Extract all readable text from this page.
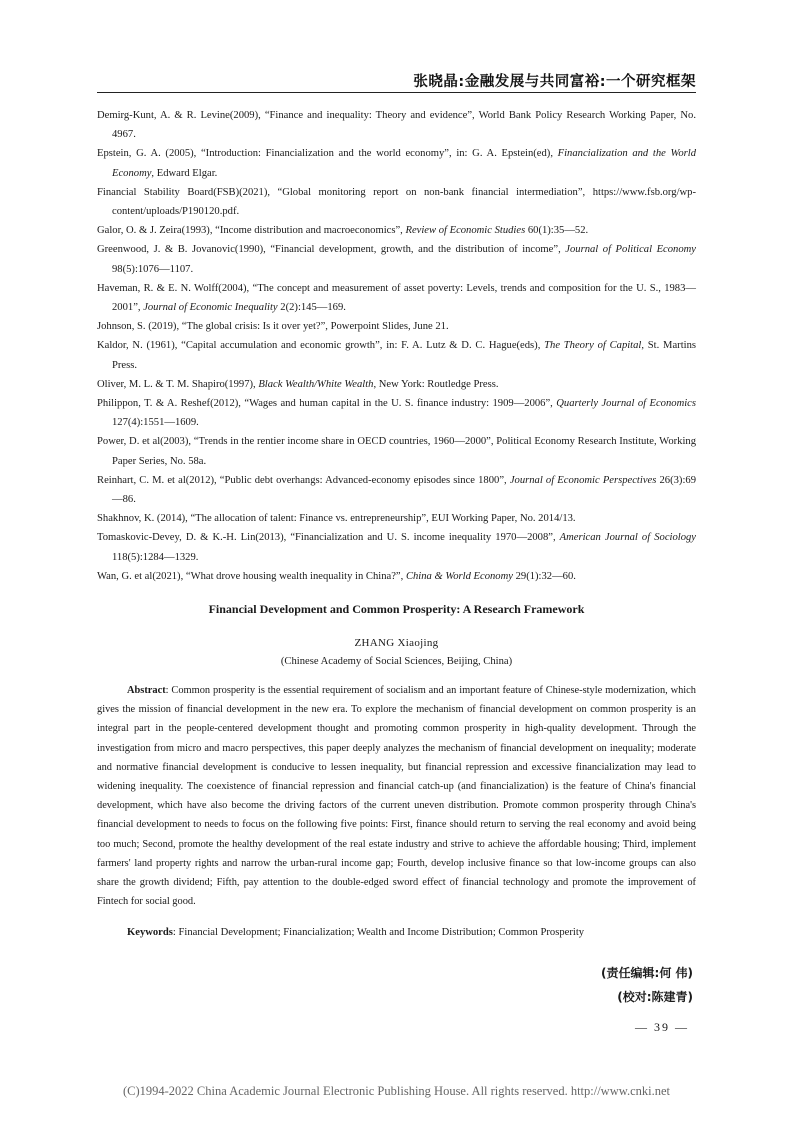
张晓晶:金融发展与共同富裕:一个研究框架

Demirg-Kunt, A. & R. Levine(2009), “Finance and inequality: Theory and evidence”, World Bank Policy Research Working Paper, No. 4967.

Epstein, G. A. (2005), “Introduction: Financialization and the world economy”, in: G. A. Epstein(ed), Financialization and the World Economy, Edward Elgar.

Financial Stability Board(FSB)(2021), “Global monitoring report on non-bank financial intermediation”, https://www.fsb.org/wp-content/uploads/P190120.pdf.

Galor, O. & J. Zeira(1993), “Income distribution and macroeconomics”, Review of Economic Studies 60(1):35—52.

Greenwood, J. & B. Jovanovic(1990), “Financial development, growth, and the distribution of income”, Journal of Political Economy 98(5):1076—1107.

Haveman, R. & E. N. Wolff(2004), “The concept and measurement of asset poverty: Levels, trends and composition for the U. S., 1983—2001”, Journal of Economic Inequality 2(2):145—169.

Johnson, S. (2019), “The global crisis: Is it over yet?”, Powerpoint Slides, June 21.

Kaldor, N. (1961), “Capital accumulation and economic growth”, in: F. A. Lutz & D. C. Hague(eds), The Theory of Capital, St. Martins Press.

Oliver, M. L. & T. M. Shapiro(1997), Black Wealth/White Wealth, New York: Routledge Press.

Philippon, T. & A. Reshef(2012), “Wages and human capital in the U. S. finance industry: 1909—2006”, Quarterly Journal of Economics 127(4):1551—1609.

Power, D. et al(2003), “Trends in the rentier income share in OECD countries, 1960—2000”, Political Economy Research Institute, Working Paper Series, No. 58a.

Reinhart, C. M. et al(2012), “Public debt overhangs: Advanced-economy episodes since 1800”, Journal of Economic Perspectives 26(3):69—86.

Shakhnov, K. (2014), “The allocation of talent: Finance vs. entrepreneurship”, EUI Working Paper, No. 2014/13.

Tomaskovic-Devey, D. & K.-H. Lin(2013), “Financialization and U. S. income inequality 1970—2008”, American Journal of Sociology 118(5):1284—1329.

Wan, G. et al(2021), “What drove housing wealth inequality in China?”, China & World Economy 29(1):32—60.

Financial Development and Common Prosperity: A Research Framework
ZHANG Xiaojing
(Chinese Academy of Social Sciences, Beijing, China)

Abstract: Common prosperity is the essential requirement of socialism and an important feature of Chinese-style modernization, which gives the mission of financial development in the new era. To explore the mechanism of financial development on common prosperity is an integral part in the people-centered development thought and promoting common prosperity in high-quality development. Through the investigation from micro and macro perspectives, this paper deeply analyzes the mechanism of financial development on inequality; moderate and normative financial development is conducive to lessen inequality, but financial repression and excessive financialization may lead to widening inequality. The coexistence of financial repression and financial catch-up (and financialization) is the feature of China's financial development, which have also become the driving factors of the current uneven distribution. Promote common prosperity through China's financial development to needs to focus on the following five points: First, finance should return to serving the real economy and avoid being too much; Second, promote the healthy development of the real estate industry and strive to achieve the affordable housing; Third, implement farmers' land property rights and narrow the urban-rural income gap; Fourth, develop inclusive finance so that low-income groups can also share the growth dividend; Fifth, pay attention to the double-edged sword effect of financial technology and promote the improvement of Fintech for social good.

Keywords: Financial Development; Financialization; Wealth and Income Distribution; Common Prosperity
(责任编辑:何 伟)
(校对:陈建青)
— 39 —
(C)1994-2022 China Academic Journal Electronic Publishing House. All rights reserved. http://www.cnki.net
